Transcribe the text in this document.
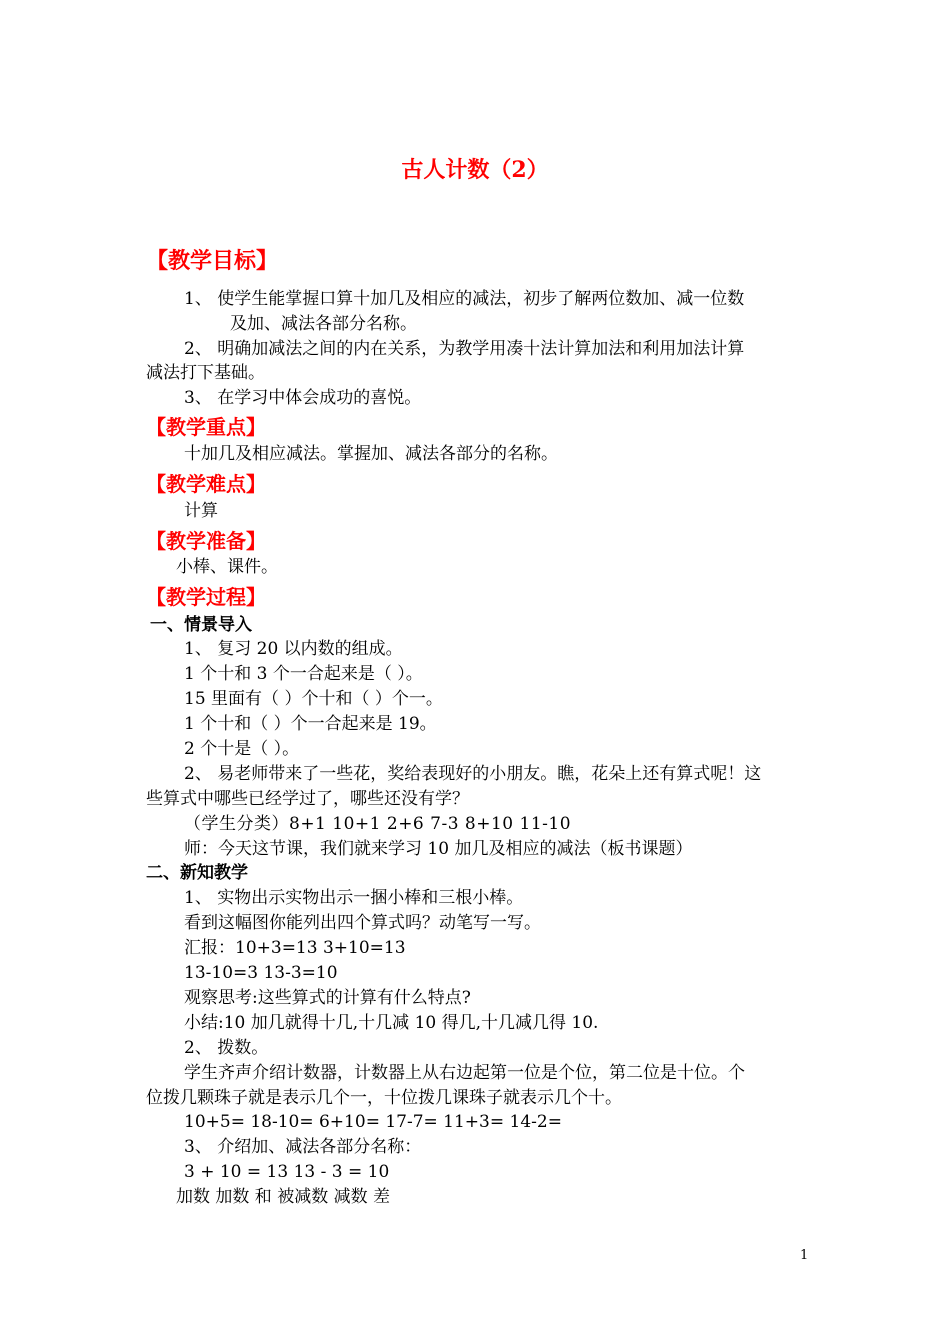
古人计数（2）
【教学目标】

1、 使学生能掌握口算十加几及相应的减法，初步了解两位数加、减一位数

及加、减法各部分名称。

2、 明确加减法之间的内在关系，为教学用凑十法计算加法和利用加法计算

减法打下基础。

3、 在学习中体会成功的喜悦。

【教学重点】

十加几及相应减法。掌握加、减法各部分的名称。

【教学难点】

计算

【教学准备】

小棒、课件。

【教学过程】
一、情景导入

1、 复习 20 以内数的组成。

1 个十和 3 个一合起来是（ ）。

15 里面有（ ）个十和（ ）个一。

1 个十和（ ）个一合起来是 19。

2 个十是（ ）。

2、 易老师带来了一些花，奖给表现好的小朋友。瞧，花朵上还有算式呢！这

些算式中哪些已经学过了，哪些还没有学？

（学生分类）8+1 10+1 2+6 7-3 8+10 11-10

师：今天这节课，我们就来学习 10 加几及相应的减法（板书课题）

二、新知教学

1、 实物出示实物出示一捆小棒和三根小棒。

看到这幅图你能列出四个算式吗？动笔写一写。

汇报：10+3=13 3+10=13

13-10=3 13-3=10

观察思考:这些算式的计算有什么特点?

小结:10 加几就得十几,十几减 10 得几,十几减几得 10.

2、 拨数。

学生齐声介绍计数器，计数器上从右边起第一位是个位，第二位是十位。个

位拨几颗珠子就是表示几个一，十位拨几课珠子就表示几个十。

10+5= 18-10= 6+10= 17-7= 11+3= 14-2=

3、 介绍加、减法各部分名称：

3 + 10 = 13 13 - 3 = 10

加数 加数 和 被减数 减数 差

1
